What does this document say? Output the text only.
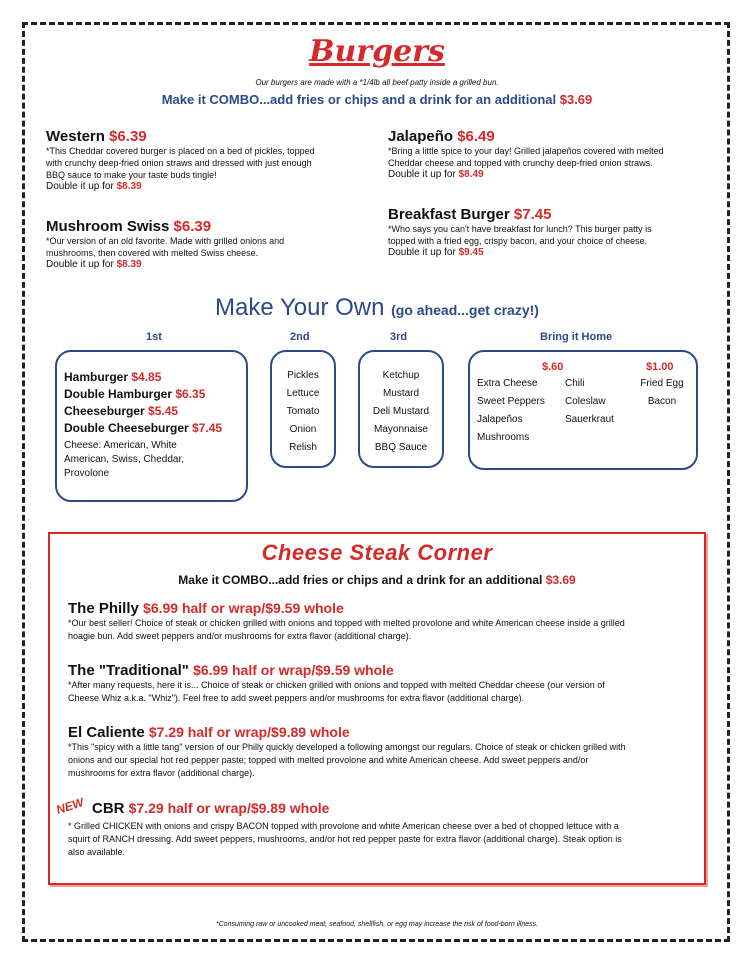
Burgers
Our burgers are made with a *1/4lb all beef patty inside a grilled bun.
Make it COMBO...add fries or chips and a drink for an additional $3.69
Western $6.39
*This Cheddar covered burger is placed on a bed of pickles, topped
with crunchy deep-fried onion straws and dressed with just enough
BBQ sauce to make your taste buds tingle!
Double it up for $8.39
Mushroom Swiss $6.39
*Our version of an old favorite. Made with grilled onions and
mushrooms, then covered with melted Swiss cheese.
Double it up for $8.39
Jalapeño $6.49
*Bring a little spice to your day! Grilled jalapeños covered with melted
Cheddar cheese and topped with crunchy deep-fried onion straws.
Double it up for $8.49
Breakfast Burger $7.45
*Who says you can't have breakfast for lunch? This burger patty is
topped with a fried egg, crispy bacon, and your choice of cheese.
Double it up for $9.45
Make Your Own (go ahead...get crazy!)
1st	2nd	3rd	Bring it Home
Hamburger $4.85
Double Hamburger $6.35
Cheeseburger $5.45
Double Cheeseburger $7.45
Cheese: American, White American, Swiss, Cheddar, Provolone
Pickles
Lettuce
Tomato
Onion
Relish
Ketchup
Mustard
Deli Mustard
Mayonnaise
BBQ Sauce
$.60	$1.00
Extra Cheese
Sweet Peppers
Jalapeños
Mushrooms
Chili
Coleslaw
Sauerkraut
Fried Egg
Bacon
Cheese Steak Corner
Make it COMBO...add fries or chips and a drink for an additional $3.69
The Philly $6.99 half or wrap/$9.59 whole
*Our best seller! Choice of steak or chicken grilled with onions and topped with melted provolone and white American cheese inside a grilled
hoagie bun. Add sweet peppers and/or mushrooms for extra flavor (additional charge).
The "Traditional" $6.99 half or wrap/$9.59 whole
*After many requests, here it is... Choice of steak or chicken grilled with onions and topped with melted Cheddar cheese (our version of
Cheese Whiz a.k.a. "Whiz"). Feel free to add sweet peppers and/or mushrooms for extra flavor (additional charge).
El Caliente $7.29 half or wrap/$9.89 whole
*This "spicy with a little tang" version of our Philly quickly developed a following amongst our regulars. Choice of steak or chicken grilled with
onions and our special hot red pepper paste; topped with melted provolone and white American cheese. Add sweet peppers and/or
mushrooms for extra flavor (additional charge).
NEW CBR $7.29 half or wrap/$9.89 whole
* Grilled CHICKEN with onions and crispy BACON topped with provolone and white American cheese over a bed of chopped lettuce with a
squirt of RANCH dressing. Add sweet peppers, mushrooms, and/or hot red pepper paste for extra flavor (additional charge). Steak option is
also available.
*Consuming raw or uncooked meat, seafood, shellfish, or egg may increase the risk of food-born illness.
